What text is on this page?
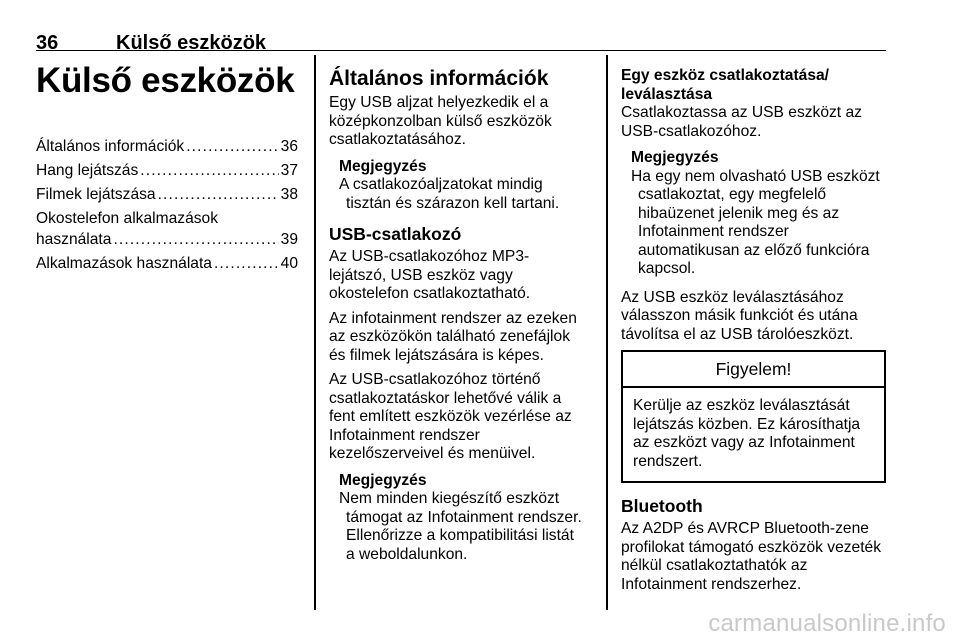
36	Külső eszközök
Külső eszközök
Általános információk . . .	36
Hang lejátszás . . .	37
Filmek lejátszása . . .	38
Okostelefon alkalmazások
használata . . .	39
Alkalmazások használata . . .	40
Általános információk

Egy USB aljzat helyezkedik el a középkonzolban külső eszközök csatlakoztatásához.

Megjegyzés
A csatlakozóaljzatokat mindig tisztán és szárazon kell tartani.
USB-csatlakozó

Az USB-csatlakozóhoz MP3-lejátszó, USB eszköz vagy okostelefon csatlakoztatható.

Az infotainment rendszer az ezeken az eszközökön található zenefájlok és filmek lejátszására is képes.

Az USB-csatlakozóhoz történő csatlakoztatáskor lehetővé válik a fent említett eszközök vezérlése az Infotainment rendszer kezelőszerveivel és menüivel.

Megjegyzés
Nem minden kiegészítő eszközt támogat az Infotainment rendszer. Ellenőrizze a kompatibilitási listát a weboldalunkon.
Egy eszköz csatlakoztatása/ leválasztása

Csatlakoztassa az USB eszközt az USB-csatlakozóhoz.

Megjegyzés
Ha egy nem olvasható USB eszközt csatlakoztat, egy megfelelő hibaüzenet jelenik meg és az Infotainment rendszer automatikusan az előző funkcióra kapcsol.

Az USB eszköz leválasztásához válasszon másik funkciót és utána távolítsa el az USB tárolóeszközt.

Figyelem!
Kerülje az eszköz leválasztását lejátszás közben. Ez károsíthatja az eszközt vagy az Infotainment rendszert.
Bluetooth

Az A2DP és AVRCP Bluetooth-zene profilokat támogató eszközök vezeték nélkül csatlakoztathatók az Infotainment rendszerhez.

carmanualsonline.info
